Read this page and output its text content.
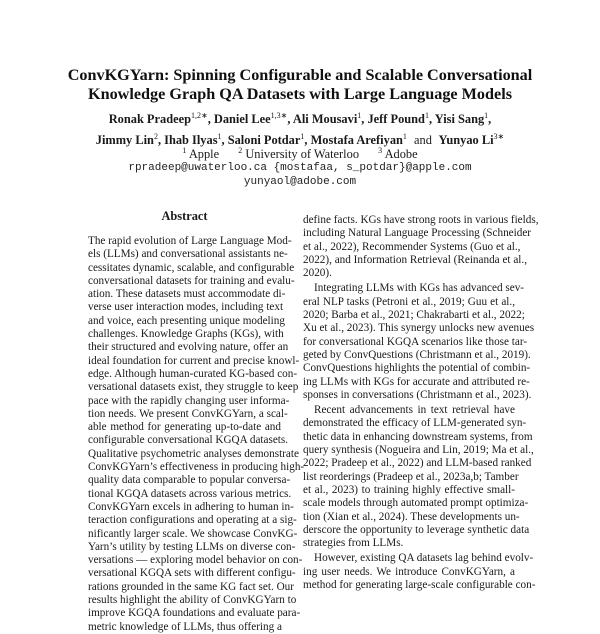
ConvKGYarn: Spinning Configurable and Scalable Conversational
Knowledge Graph QA Datasets with Large Language Models
Ronak Pradeep$^{1,2∗}$, Daniel Lee$^{1,3∗}$, Ali Mousavi$^1$, Jeff Pound$^1$, Yisi Sang$^1$,
Jimmy Lin$^2$, Ihab Ilyas$^1$, Saloni Potdar$^1$, Mostafa Arefiyan$^1$ and Yunyao $Li^{3∗}$
$^1$ Apple $^2$ University of Waterloo $^3$ Adobe
rpradeep@uwaterloo.ca {mostafaa, s_potdar}@apple.com
yunyaol@adobe.com
Abstract
The rapid evolution of Large Language Mod-
els (LLMs) and conversational assistants ne-
cessitates dynamic, scalable, and configurable
conversational datasets for training and evalu-
ation. These datasets must accommodate di-
verse user interaction modes, including text
and voice, each presenting unique modeling
challenges. Knowledge Graphs (KGs), with
their structured and evolving nature, offer an
ideal foundation for current and precise knowl-
edge. Although human-curated KG-based con-
versational datasets exist, they struggle to keep
pace with the rapidly changing user informa-
tion needs. We present ConvKGYarn, a scal-
able method for generating up-to-date and
configurable conversational KGQA datasets.
Qualitative psychometric analyses demonstrate
ConvKGYarn’s effectiveness in producing high-
quality data comparable to popular conversa-
tional KGQA datasets across various metrics.
ConvKGYarn excels in adhering to human in-
teraction configurations and operating at a sig-
nificantly larger scale. We showcase ConvKG-
Yarn’s utility by testing LLMs on diverse con-
versations — exploring model behavior on con-
versational KGQA sets with different configu-
rations grounded in the same KG fact set. Our
results highlight the ability of ConvKGYarn to
improve KGQA foundations and evaluate para-
metric knowledge of LLMs, thus offering a
define facts. KGs have strong roots in various fields,
including Natural Language Processing (Schneider
et al., 2022), Recommender Systems (Guo et al.,
2022), and Information Retrieval (Reinanda et al.,
2020).
Integrating LLMs with KGs has advanced sev-
eral NLP tasks (Petroni et al., 2019; Guu et al.,
2020; Barba et al., 2021; Chakrabarti et al., 2022;
Xu et al., 2023). This synergy unlocks new avenues
for conversational KGQA scenarios like those tar-
geted by ConvQuestions (Christmann et al., 2019).
ConvQuestions highlights the potential of combin-
ing LLMs with KGs for accurate and attributed re-
sponses in conversations (Christmann et al., 2023).
Recent advancements in text retrieval have
demonstrated the efficacy of LLM-generated syn-
thetic data in enhancing downstream systems, from
query synthesis (Nogueira and Lin, 2019; Ma et al.,
2022; Pradeep et al., 2022) and LLM-based ranked
list reorderings (Pradeep et al., 2023a,b; Tamber
et al., 2023) to training highly effective small-
scale models through automated prompt optimiza-
tion (Xian et al., 2024). These developments un-
derscore the opportunity to leverage synthetic data
strategies from LLMs.
However, existing QA datasets lag behind evolv-
ing user needs. We introduce ConvKGYarn, a
method for generating large-scale configurable con-
